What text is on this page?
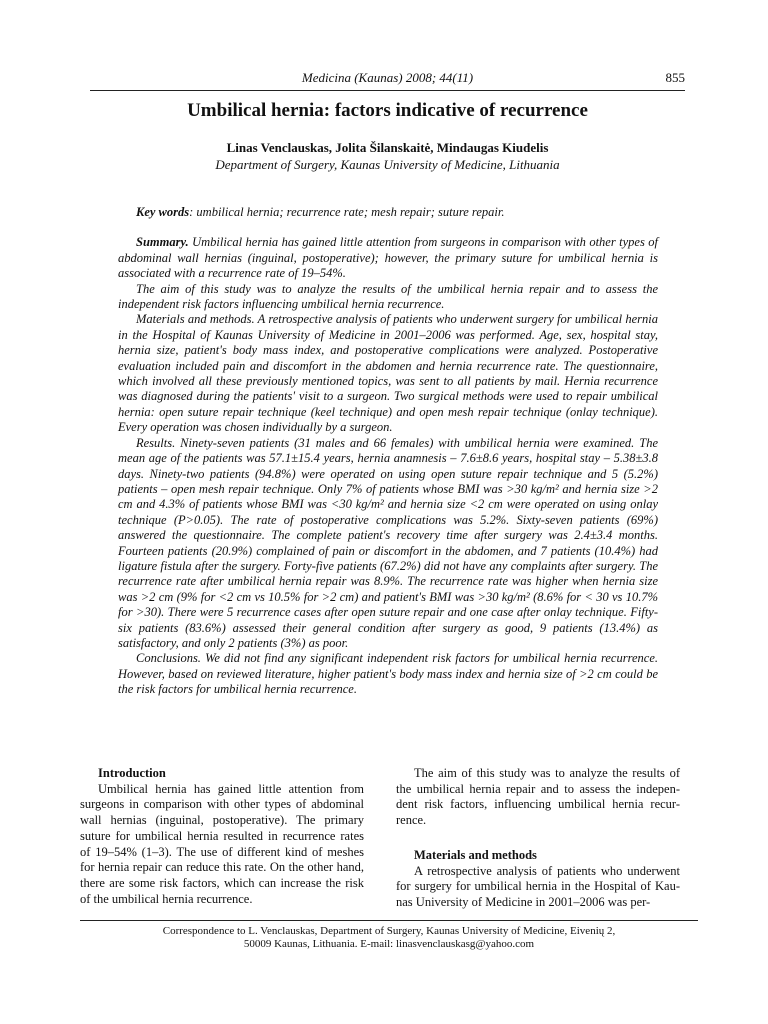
Medicina (Kaunas) 2008; 44(11)	855
Umbilical hernia: factors indicative of recurrence
Linas Venclauskas, Jolita Šilanskaitė, Mindaugas Kiudelis
Department of Surgery, Kaunas University of Medicine, Lithuania

Key words: umbilical hernia; recurrence rate; mesh repair; suture repair.

Summary. Umbilical hernia has gained little attention from surgeons in comparison with other types of abdominal wall hernias (inguinal, postoperative); however, the primary suture for umbilical hernia is associated with a recurrence rate of 19–54%.

The aim of this study was to analyze the results of the umbilical hernia repair and to assess the independent risk factors influencing umbilical hernia recurrence.

Materials and methods. A retrospective analysis of patients who underwent surgery for umbilical hernia in the Hospital of Kaunas University of Medicine in 2001–2006 was performed. Age, sex, hospital stay, hernia size, patient's body mass index, and postoperative complications were analyzed. Postoperative evaluation included pain and discomfort in the abdomen and hernia recurrence rate. The questionnaire, which involved all these previously mentioned topics, was sent to all patients by mail. Hernia recurrence was diagnosed during the patients' visit to a surgeon. Two surgical methods were used to repair umbilical hernia: open suture repair technique (keel technique) and open mesh repair technique (onlay technique). Every operation was chosen individually by a surgeon.

Results. Ninety-seven patients (31 males and 66 females) with umbilical hernia were examined. The mean age of the patients was 57.1±15.4 years, hernia anamnesis – 7.6±8.6 years, hospital stay – 5.38±3.8 days. Ninety-two patients (94.8%) were operated on using open suture repair technique and 5 (5.2%) patients – open mesh repair technique. Only 7% of patients whose BMI was >30 kg/m² and hernia size >2 cm and 4.3% of patients whose BMI was <30 kg/m² and hernia size <2 cm were operated on using onlay technique (P>0.05). The rate of postoperative complications was 5.2%. Sixty-seven patients (69%) answered the questionnaire. The complete patient's recovery time after surgery was 2.4±3.4 months. Fourteen patients (20.9%) complained of pain or discomfort in the abdomen, and 7 patients (10.4%) had ligature fistula after the surgery. Forty-five patients (67.2%) did not have any complaints after surgery. The recurrence rate after umbilical hernia repair was 8.9%. The recurrence rate was higher when hernia size was >2 cm (9% for <2 cm vs 10.5% for >2 cm) and patient's BMI was >30 kg/m² (8.6% for < 30 vs 10.7% for >30). There were 5 recurrence cases after open suture repair and one case after onlay technique. Fifty-six patients (83.6%) assessed their general condition after surgery as good, 9 patients (13.4%) as satisfactory, and only 2 patients (3%) as poor.

Conclusions. We did not find any significant independent risk factors for umbilical hernia recurrence. However, based on reviewed literature, higher patient's body mass index and hernia size of >2 cm could be the risk factors for umbilical hernia recurrence.

Introduction

Umbilical hernia has gained little attention from surgeons in comparison with other types of abdominal wall hernias (inguinal, postoperative). The primary suture for umbilical hernia resulted in recurrence rates of 19–54% (1–3). The use of different kind of meshes for hernia repair can reduce this rate. On the other hand, there are some risk factors, which can increase the risk of the umbilical hernia recurrence.

The aim of this study was to analyze the results of the umbilical hernia repair and to assess the indepen-dent risk factors, influencing umbilical hernia recur-rence.

Materials and methods

A retrospective analysis of patients who underwent for surgery for umbilical hernia in the Hospital of Kau-nas University of Medicine in 2001–2006 was per-

Correspondence to L. Venclauskas, Department of Surgery, Kaunas University of Medicine, Eivenių 2,
50009 Kaunas, Lithuania. E-mail: linasvenclauskasg@yahoo.com
